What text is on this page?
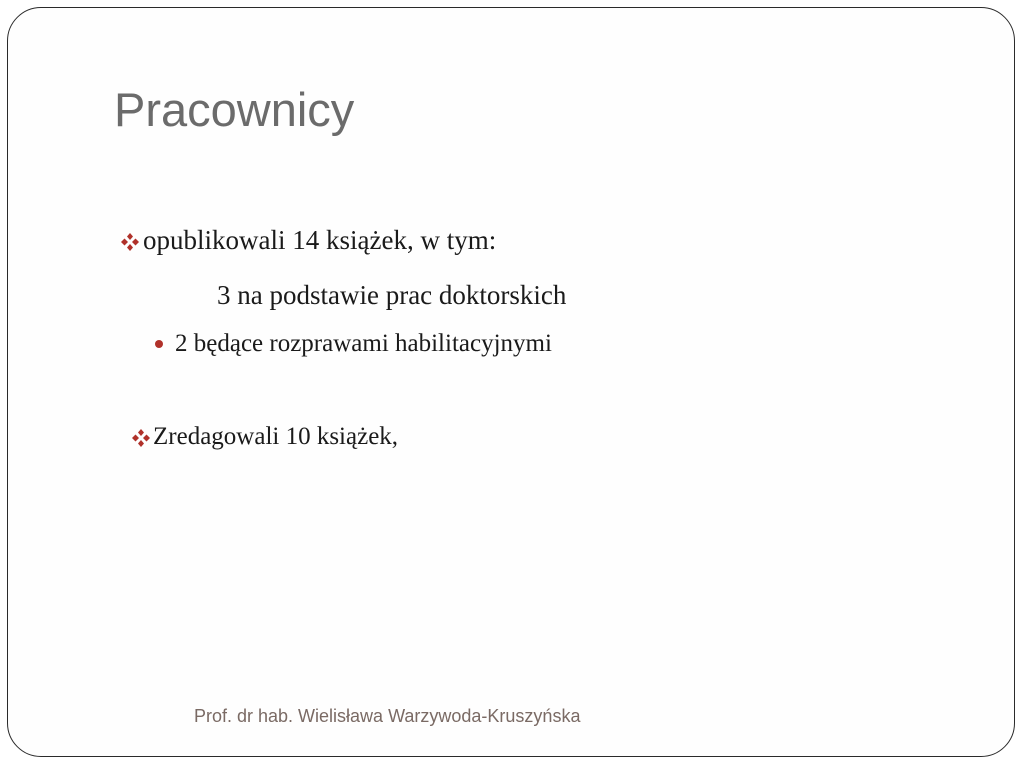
Pracownicy
opublikowali 14 książek, w tym:
3 na podstawie prac doktorskich
2 będące rozprawami habilitacyjnymi
Zredagowali 10 książek,
Prof. dr hab. Wielisława Warzywoda-Kruszyńska
